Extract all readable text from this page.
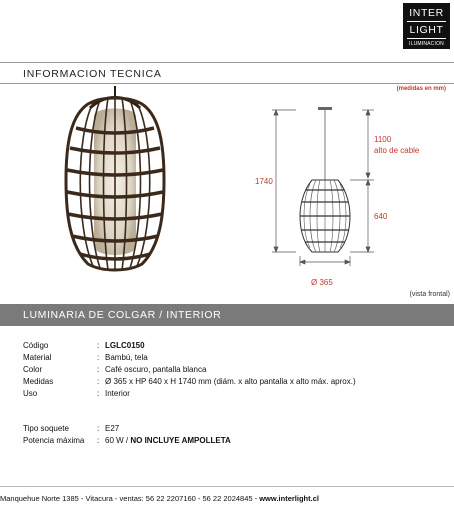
INTER
LIGHT
ILUMINACION
INFORMACION TECNICA
(medidas en mm)
1740
1100
alto de cable
640
Ø 365
(vista frontal)
LUMINARIA DE COLGAR / INTERIOR
Código	: LGLC0150
Material	: Bambú, tela
Color	: Café oscuro, pantalla blanca
Medidas	: Ø 365 x HP 640 x H 1740 mm (diám. x alto pantalla x alto máx. aprox.)
Uso	: Interior
Tipo soquete	: E27
Potencia máxima : 60 W / NO INCLUYE AMPOLLETA
Manquehue Norte 1385 - Vitacura - ventas: 56 22 2207160 - 56 22 2024845 - www.interlight.cl
